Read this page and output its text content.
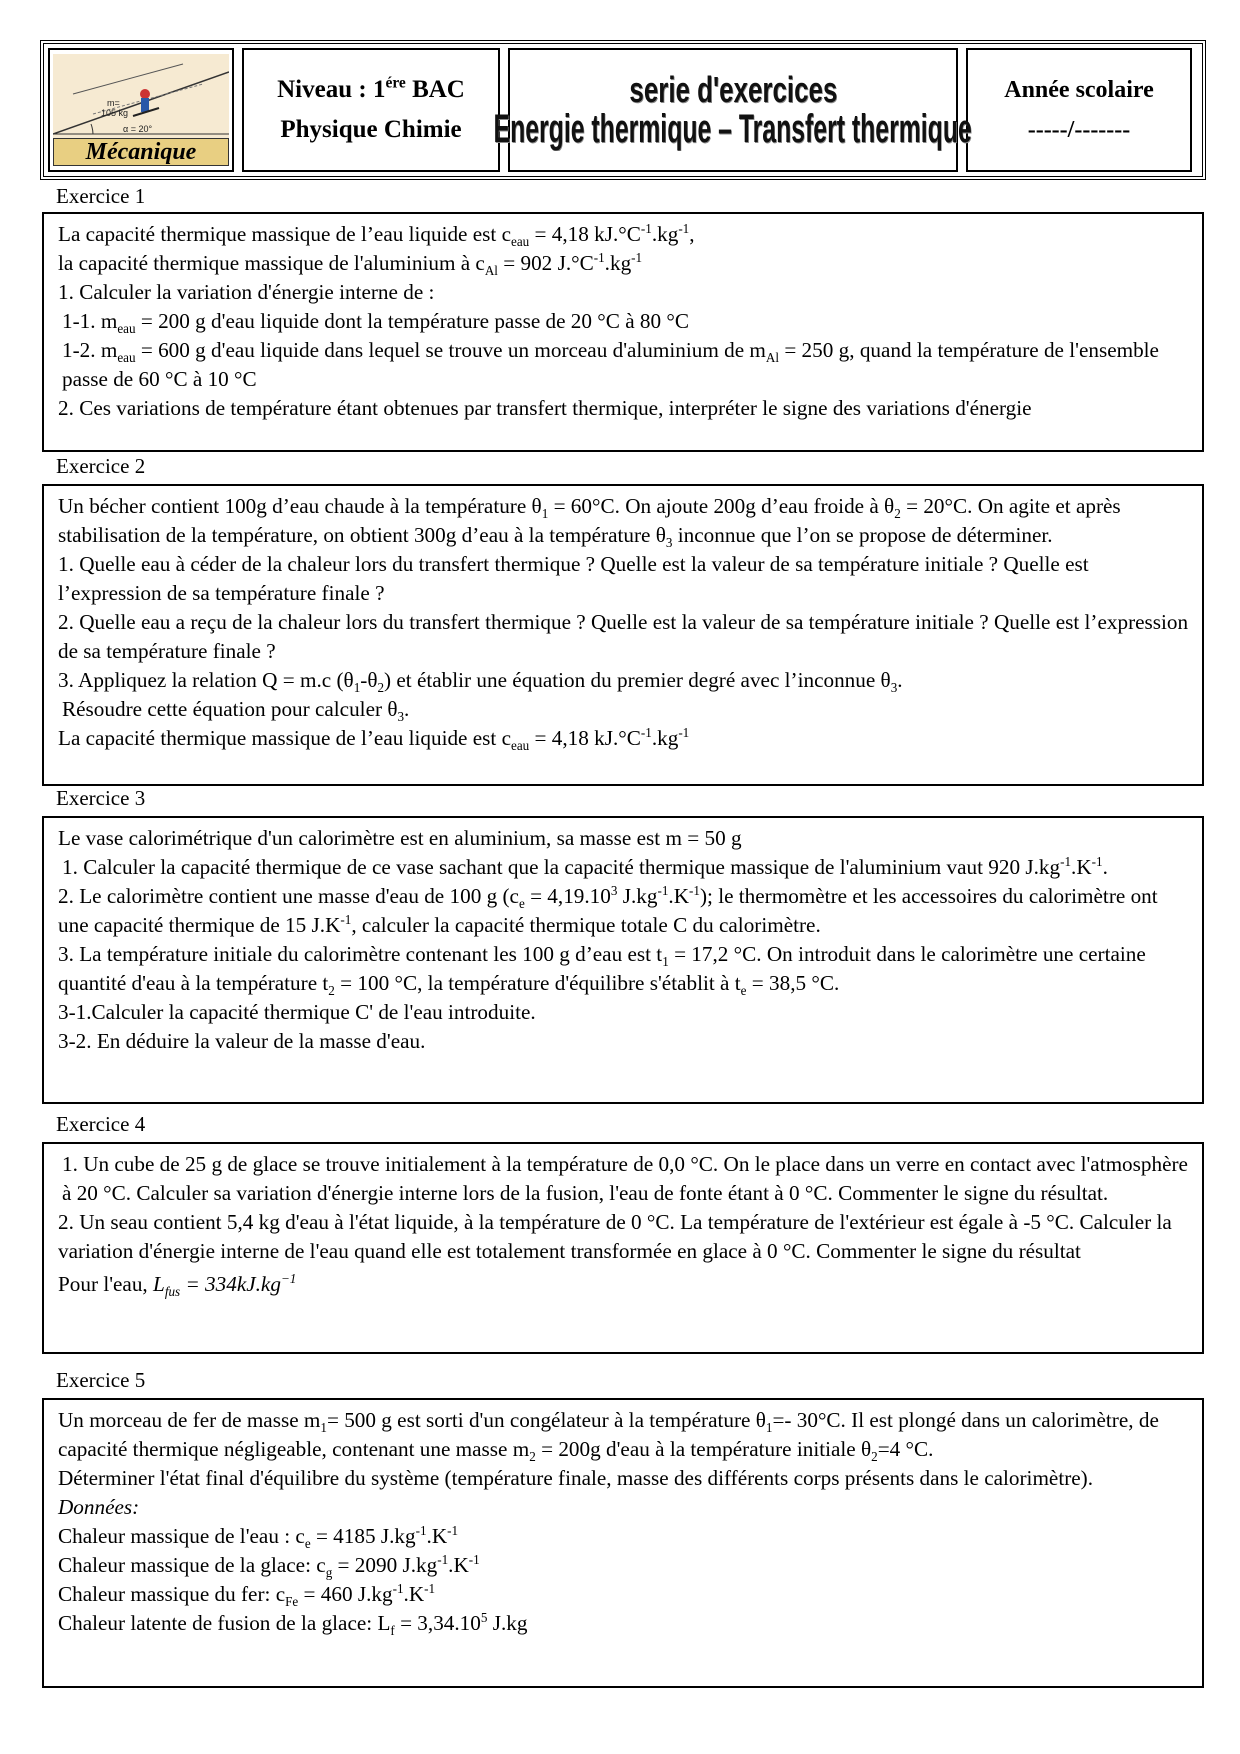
m=
105 kg
α = 20°
Mécanique
Niveau : $1^{ére}$ BAC
Physique Chimie
serie d'exercices
Energie thermique – Transfert thermique
Année scolaire
-----/-------
Exercice 1

La capacité thermique massique de l’eau liquide est $c_{eau} = 4,18$ $kJ.^\circ C^{-1}.kg^{-1}$,

la capacité thermique massique de l'aluminium à $c_{Al} = 902$ $J.^\circ C^{-1}.kg^{-1}$

1. Calculer la variation d'énergie interne de :

1-1. $m_{eau} = 200$ g d'eau liquide dont la température passe de 20 °C à 80 °C

1-2. $m_{eau} = 600$ g d'eau liquide dans lequel se trouve un morceau d'aluminium de $m_{Al} = 250$ g, quand la température de l'ensemble passe de 60 °C à 10 °C

2. Ces variations de température étant obtenues par transfert thermique, interpréter le signe des variations d'énergie

Exercice 2

Un bécher contient 100g d’eau chaude à la température $\theta_1 = 60^\circ C$. On ajoute 200g d’eau froide à $\theta_2 = 20^\circ C$. On agite et après stabilisation de la température, on obtient 300g d’eau à la température $\theta_3$ inconnue que l’on se propose de déterminer.

1. Quelle eau à céder de la chaleur lors du transfert thermique ? Quelle est la valeur de sa température initiale ? Quelle est l’expression de sa température finale ?

2. Quelle eau a reçu de la chaleur lors du transfert thermique ? Quelle est la valeur de sa température initiale ? Quelle est l’expression de sa température finale ?

3. Appliquez la relation Q = m.c $(\theta_1-\theta_2)$ et établir une équation du premier degré avec l’inconnue $\theta_3$.

Résoudre cette équation pour calculer $\theta_3$.

La capacité thermique massique de l’eau liquide est $c_{eau} = 4,18$ $kJ.^\circ C^{-1}.kg^{-1}$

Exercice 3

Le vase calorimétrique d'un calorimètre est en aluminium, sa masse est m = 50 g

1. Calculer la capacité thermique de ce vase sachant que la capacité thermique massique de l'aluminium vaut 920 $J.kg^{-1}.K^{-1}$.

2. Le calorimètre contient une masse d'eau de 100 g ($c_e = 4,19.10^3$ $J.kg^{-1}.K^{-1}$); le thermomètre et les accessoires du calorimètre ont une capacité thermique de 15 $J.K^{-1}$, calculer la capacité thermique totale C du calorimètre.

3. La température initiale du calorimètre contenant les 100 g d’eau est $t_1 = 17,2$ °C. On introduit dans le calorimètre une certaine quantité d'eau à la température $t_2 = 100$ °C, la température d'équilibre s'établit à $t_e = 38,5$ °C.

3-1.Calculer la capacité thermique C' de l'eau introduite.

3-2. En déduire la valeur de la masse d'eau.

Exercice 4

1. Un cube de 25 g de glace se trouve initialement à la température de 0,0 °C. On le place dans un verre en contact avec l'atmosphère à 20 °C. Calculer sa variation d'énergie interne lors de la fusion, l'eau de fonte étant à 0 °C. Commenter le signe du résultat.

2. Un seau contient 5,4 kg d'eau à l'état liquide, à la température de 0 °C. La température de l'extérieur est égale à -5 °C. Calculer la variation d'énergie interne de l'eau quand elle est totalement transformée en glace à 0 °C. Commenter le signe du résultat

Pour l'eau, $L_{fus} = 334kJ.kg^{-1}$

Exercice 5

Un morceau de fer de masse $m_1= 500$ g est sorti d'un congélateur à la température $\theta_1=-$ 30°C. Il est plongé dans un calorimètre, de capacité thermique négligeable, contenant une masse $m_2 = 200g$ d'eau à la température initiale $\theta_2=4$ °C.

Déterminer l'état final d'équilibre du système (température finale, masse des différents corps présents dans le calorimètre).

Données:

Chaleur massique de l'eau : $c_e = 4185$ $J.kg^{-1}.K^{-1}$

Chaleur massique de la glace: $c_g = 2090$ $J.kg^{-1}.K^{-1}$

Chaleur massique du fer: $c_{Fe} = 460$ $J.kg^{-1}.K^{-1}$

Chaleur latente de fusion de la glace: $L_f = 3,34.10^5$ J.kg
